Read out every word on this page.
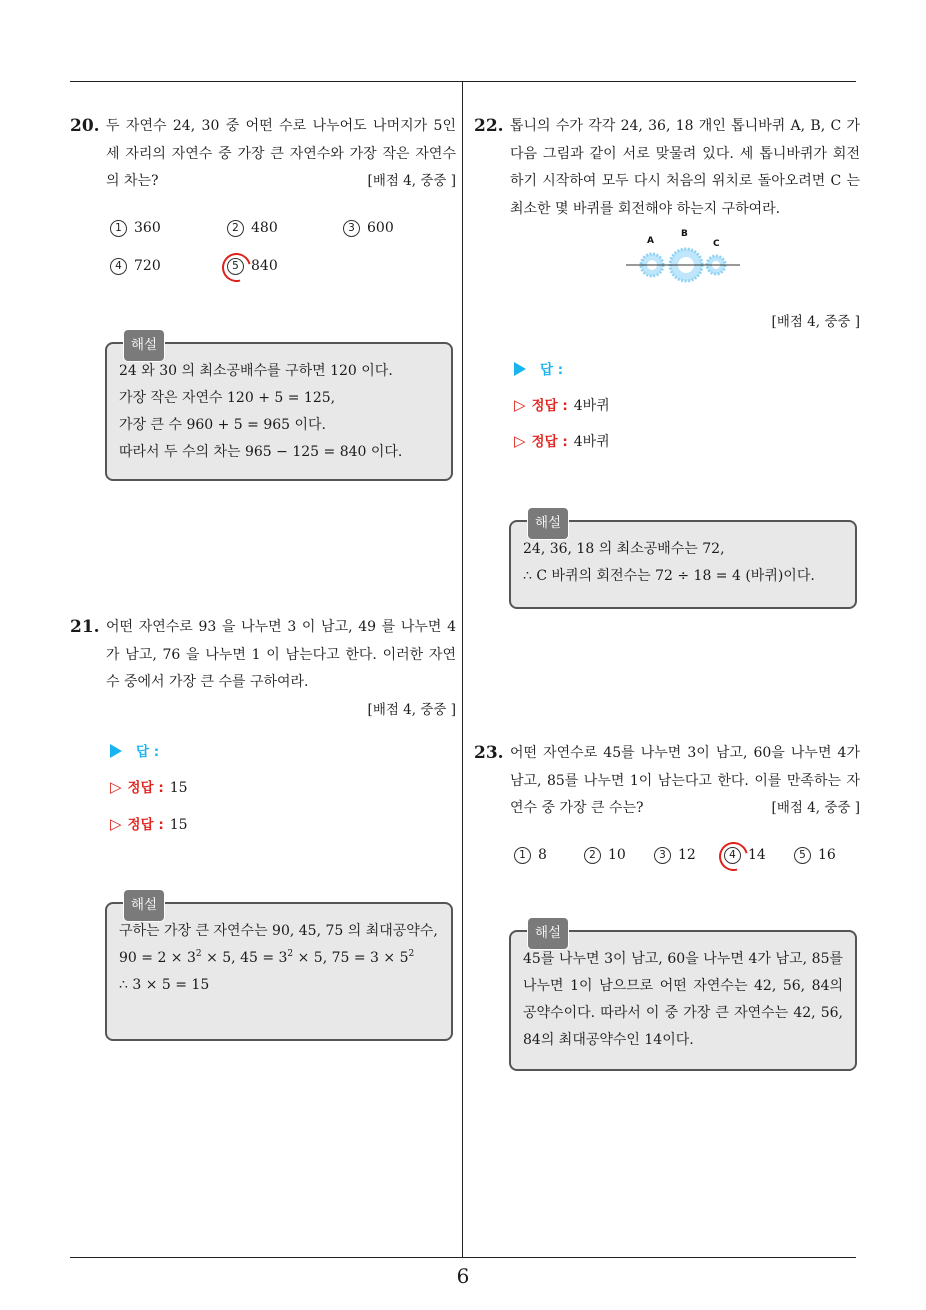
20. 두 자연수 24, 30 중 어떤 수로 나누어도 나머지가 5인 세 자리의 자연수 중 가장 큰 자연수와 가장 작은 자연수의 차는?	[배점 4, 중중 ]
1 360	2 480	3 600
4 720	5 840
해설
24 와 30 의 최소공배수를 구하면 120 이다.
가장 작은 자연수 120 + 5 = 125,
가장 큰 수 960 + 5 = 965 이다.
따라서 두 수의 차는 965 − 125 = 840 이다.
21. 어떤 자연수로 93 을 나누면 3 이 남고, 49 를 나누면 4 가 남고, 76 을 나누면 1 이 남는다고 한다. 이러한 자연수 중에서 가장 큰 수를 구하여라.
[배점 4, 중중 ]
답 :
▷ 정답 : 15
▷ 정답 : 15
해설
구하는 가장 큰 자연수는 90, 45, 75 의 최대공약수,
$90 = 2 \times 3^2 \times 5$, $45 = 3^2 \times 5$, $75 = 3 \times 5^2$
∴ 3 × 5 = 15
22. 톱니의 수가 각각 24, 36, 18 개인 톱니바퀴 A, B, C 가 다음 그림과 같이 서로 맞물려 있다. 세 톱니바퀴가 회전하기 시작하여 모두 다시 처음의 위치로 돌아오려면 C 는 최소한 몇 바퀴를 회전해야 하는지 구하여라.
A
B
C
[배점 4, 중중 ]
답 :
▷ 정답 : 4바퀴
▷ 정답 : 4바퀴
해설
24, 36, 18 의 최소공배수는 72,
∴ C 바퀴의 회전수는 72 ÷ 18 = 4 (바퀴)이다.
23. 어떤 자연수로 45를 나누면 3이 남고, 60을 나누면 4가 남고, 85를 나누면 1이 남는다고 한다. 이를 만족하는 자연수 중 가장 큰 수는?	[배점 4, 중중 ]
1 8	2 10	3 12	4 14	5 16
해설
45를 나누면 3이 남고, 60을 나누면 4가 남고, 85를 나누면 1이 남으므로 어떤 자연수는 42, 56, 84의 공약수이다. 따라서 이 중 가장 큰 자연수는 42, 56, 84의 최대공약수인 14이다.
6
